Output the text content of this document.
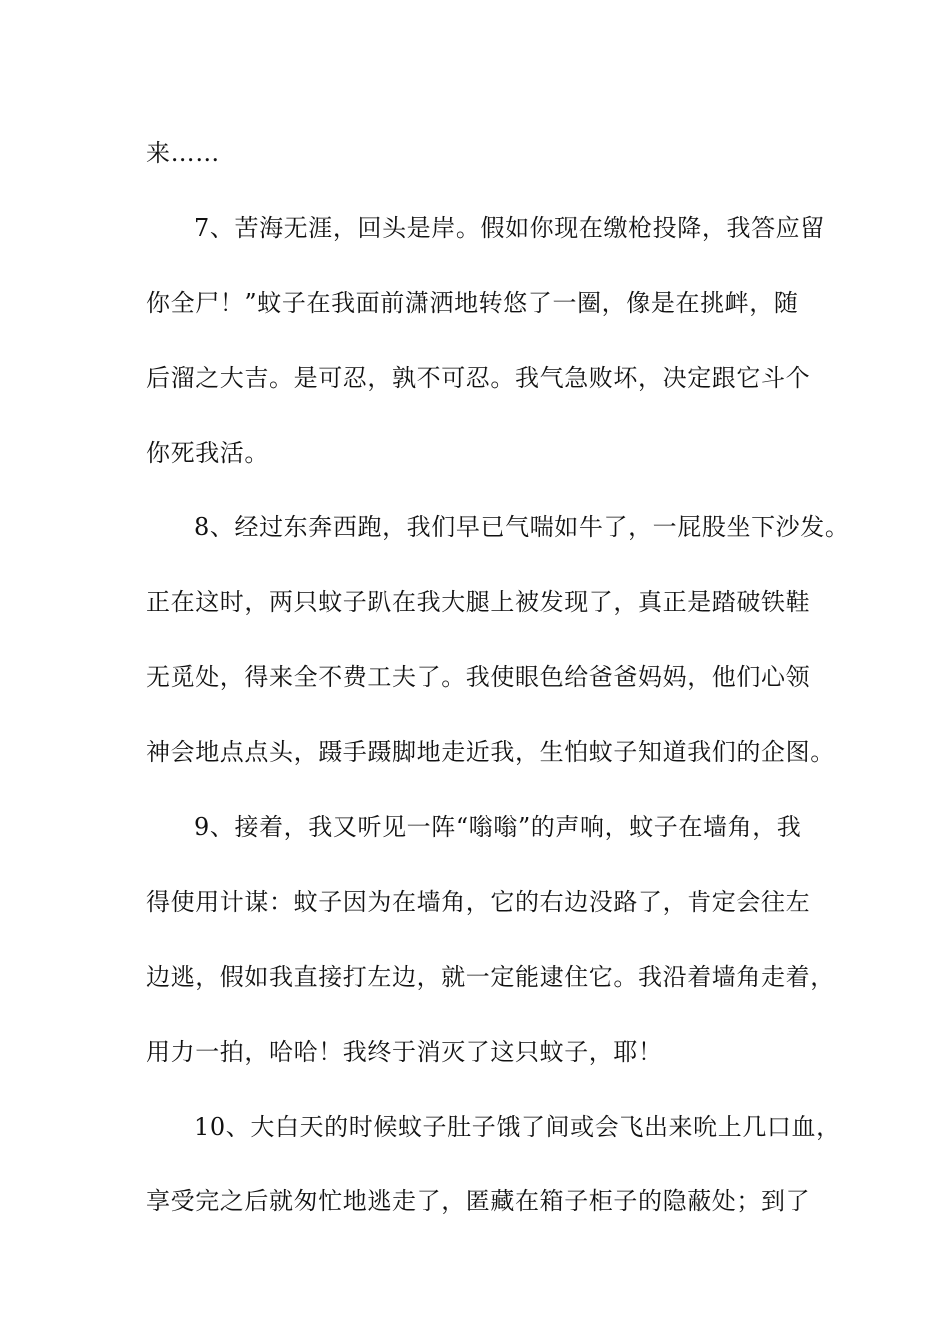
来……
7、苦海无涯，回头是岸。假如你现在缴枪投降，我答应留
你全尸！”蚊子在我面前潇洒地转悠了一圈，像是在挑衅，随
后溜之大吉。是可忍，孰不可忍。我气急败坏，决定跟它斗个
你死我活。
8、经过东奔西跑，我们早已气喘如牛了，一屁股坐下沙发。
正在这时，两只蚊子趴在我大腿上被发现了，真正是踏破铁鞋
无觅处，得来全不费工夫了。我使眼色给爸爸妈妈，他们心领
神会地点点头，蹑手蹑脚地走近我，生怕蚊子知道我们的企图。
9、接着，我又听见一阵“嗡嗡”的声响，蚊子在墙角，我
得使用计谋：蚊子因为在墙角，它的右边没路了，肯定会往左
边逃，假如我直接打左边，就一定能逮住它。我沿着墙角走着，
用力一拍，哈哈！我终于消灭了这只蚊子，耶！
10、大白天的时候蚊子肚子饿了间或会飞出来吮上几口血，
享受完之后就匆忙地逃走了，匿藏在箱子柜子的隐蔽处；到了
